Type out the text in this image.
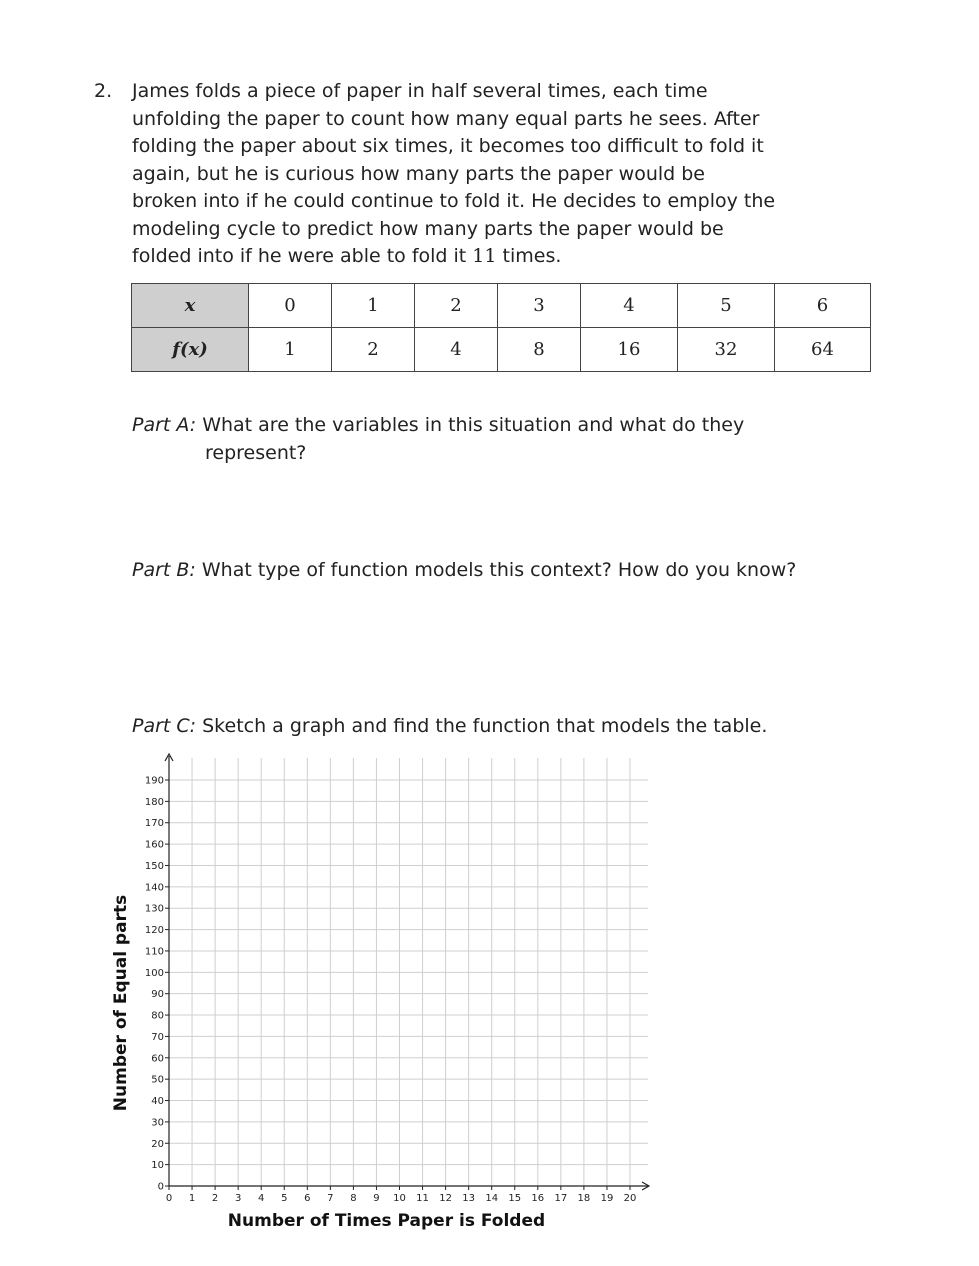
2. James folds a piece of paper in half several times, each time
unfolding the paper to count how many equal parts he sees. After
folding the paper about six times, it becomes too difficult to fold it
again, but he is curious how many parts the paper would be
broken into if he could continue to fold it. He decides to employ the
modeling cycle to predict how many parts the paper would be
folded into if he were able to fold it 11 times.
x	0	1	2	3	4	5	6
f(x)	1	2	4	8	16	32	64
Part A: What are the variables in this situation and what do they
represent?
Part B: What type of function models this context? How do you know?
Part C: Sketch a graph and find the function that models the table.
0 1 2 3 4 5 6 7 8 9 10 11 12 13 14 15 16 17 18 19 20
0
10
20
30
40
50
60
70
80
90
100
110
120
130
140
150
160
170
180
190
Number of Equal parts
Number of Times Paper is Folded
